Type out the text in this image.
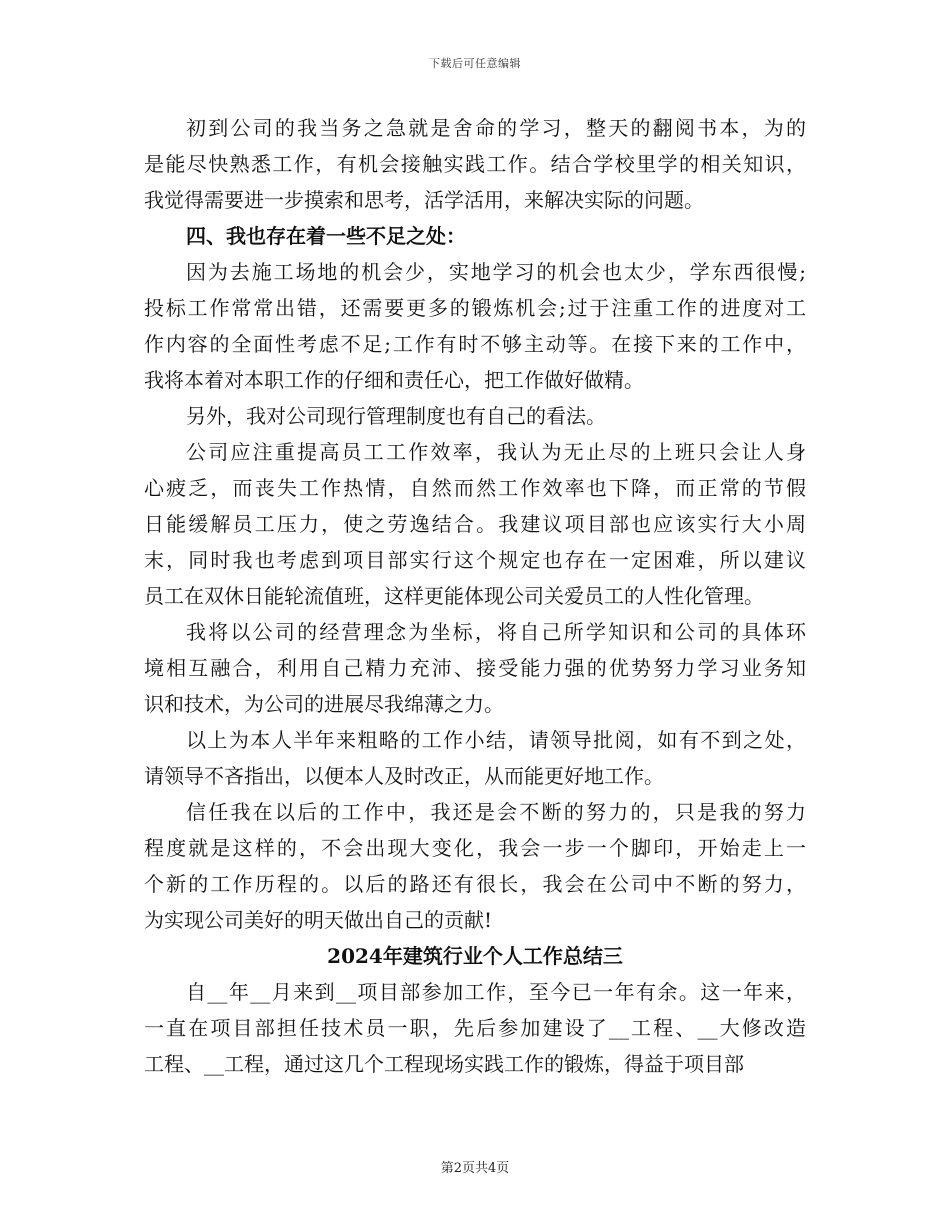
下载后可任意编辑
初到公司的我当务之急就是舍命的学习，整天的翻阅书本，为的
是能尽快熟悉工作，有机会接触实践工作。结合学校里学的相关知识，
我觉得需要进一步摸索和思考，活学活用，来解决实际的问题。
四、我也存在着一些不足之处：
因为去施工场地的机会少，实地学习的机会也太少，学东西很慢;
投标工作常常出错，还需要更多的锻炼机会;过于注重工作的进度对工
作内容的全面性考虑不足;工作有时不够主动等。在接下来的工作中，
我将本着对本职工作的仔细和责任心，把工作做好做精。
另外，我对公司现行管理制度也有自己的看法。
公司应注重提高员工工作效率，我认为无止尽的上班只会让人身
心疲乏，而丧失工作热情，自然而然工作效率也下降，而正常的节假
日能缓解员工压力，使之劳逸结合。我建议项目部也应该实行大小周
末，同时我也考虑到项目部实行这个规定也存在一定困难，所以建议
员工在双休日能轮流值班，这样更能体现公司关爱员工的人性化管理。
我将以公司的经营理念为坐标，将自己所学知识和公司的具体环
境相互融合，利用自己精力充沛、接受能力强的优势努力学习业务知
识和技术，为公司的进展尽我绵薄之力。
以上为本人半年来粗略的工作小结，请领导批阅，如有不到之处，
请领导不吝指出，以便本人及时改正，从而能更好地工作。
信任我在以后的工作中，我还是会不断的努力的，只是我的努力
程度就是这样的，不会出现大变化，我会一步一个脚印，开始走上一
个新的工作历程的。以后的路还有很长，我会在公司中不断的努力，
为实现公司美好的明天做出自己的贡献!
2024年建筑行业个人工作总结三
自__年__月来到__项目部参加工作，至今已一年有余。这一年来，
一直在项目部担任技术员一职，先后参加建设了__工程、__大修改造
工程、__工程，通过这几个工程现场实践工作的锻炼，得益于项目部
第2页共4页
